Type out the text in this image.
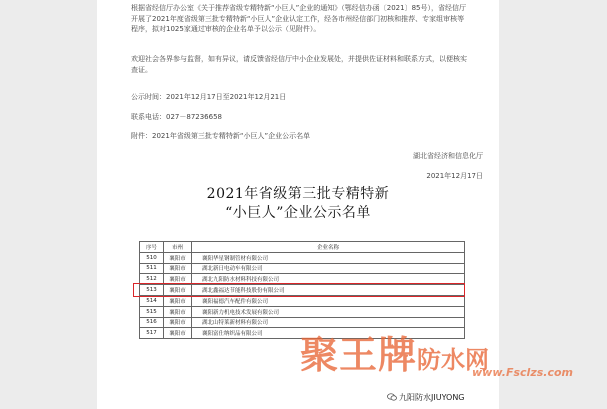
根据省经信厅办公室《关于推荐省级专精特新“小巨人”企业的通知》（鄂经信办函〔2021〕85号），省经信厅开展了2021年度省级第三批专精特新“小巨人”企业认定工作，经各市州经信部门初核和推荐、专家组审核等程序，拟对1025家通过审核的企业名单予以公示（见附件）。

欢迎社会各界参与监督，如有异议，请反馈省经信厅中小企业发展处，并提供佐证材料和联系方式，以便核实查证。

公示时间：2021年12月17日至2021年12月21日
联系电话：027－87236658
附件：2021年省级第三批专精特新“小巨人”企业公示名单
湖北省经济和信息化厅
2021年12月17日
2021年省级第三批专精特新
“小巨人”企业公示名单
序号	市州	企业名称
510	襄阳市	襄阳华星钢制管材有限公司
511	襄阳市	湖北新日电动车有限公司
512	襄阳市	湖北九阳防水材料科技有限公司
513	襄阳市	湖北鑫福达节能科技股份有限公司
514	襄阳市	襄阳福德汽车配件有限公司
515	襄阳市	襄阳新力机电技术发展有限公司
516	襄阳市	湖北山特莱新材料有限公司
517	襄阳市	襄阳富仕纳织品有限公司 聚王牌防水网
www.Fsclzs.com
九阳防水JIUYONG
